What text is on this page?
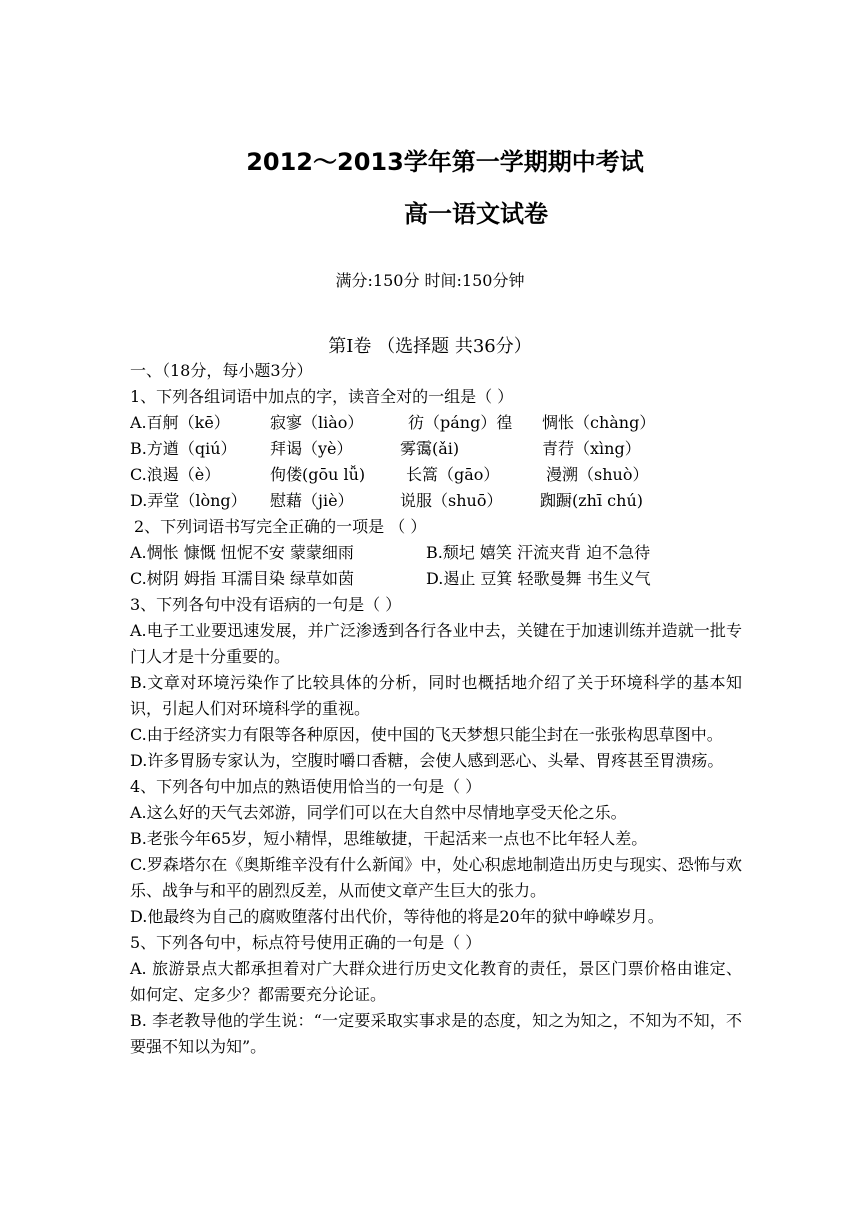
2012～2013学年第一学期期中考试
高一语文试卷
满分:150分 时间:150分钟
第Ⅰ卷 （选择题 共36分）
一、（18分，每小题3分）
1、下列各组词语中加点的字，读音全对的一组是（ ）
A.百舸（kē）	寂寥（liào）	彷（páng）徨	惆怅（chàng）
B.方遒（qiú）	拜谒（yè）	雾霭(ǎi)	青荇（xìng）
C.浪遏（è）	佝偻(gōu lǚ)	长篙（gāo）	漫溯（shuò）
D.弄堂（lòng）	慰藉（jiè）	说服（shuō）	踟蹰(zhī chú)
2、下列词语书写完全正确的一项是 （ ）
A.惆怅 慷慨 忸怩不安 蒙蒙细雨	B.颓圮 嬉笑 汗流夹背 迫不急待
C.树阴 姆指 耳濡目染 绿草如茵	D.遏止 豆箕 轻歌曼舞 书生义气
3、下列各句中没有语病的一句是（ ）
A.电子工业要迅速发展，并广泛渗透到各行各业中去，关键在于加速训练并造就一批专门人才是十分重要的。
B.文章对环境污染作了比较具体的分析，同时也概括地介绍了关于环境科学的基本知识，引起人们对环境科学的重视。
C.由于经济实力有限等各种原因，使中国的飞天梦想只能尘封在一张张构思草图中。
D.许多胃肠专家认为，空腹时嚼口香糖，会使人感到恶心、头晕、胃疼甚至胃溃疡。
4、下列各句中加点的熟语使用恰当的一句是（ ）
A.这么好的天气去郊游，同学们可以在大自然中尽情地享受天伦之乐。
B.老张今年65岁，短小精悍，思维敏捷，干起活来一点也不比年轻人差。
C.罗森塔尔在《奥斯维辛没有什么新闻》中，处心积虑地制造出历史与现实、恐怖与欢乐、战争与和平的剧烈反差，从而使文章产生巨大的张力。
D.他最终为自己的腐败堕落付出代价，等待他的将是20年的狱中峥嵘岁月。
5、下列各句中，标点符号使用正确的一句是（ ）
A. 旅游景点大都承担着对广大群众进行历史文化教育的责任，景区门票价格由谁定、如何定、定多少？都需要充分论证。
B. 李老教导他的学生说：“一定要采取实事求是的态度，知之为知之，不知为不知，不要强不知以为知”。
